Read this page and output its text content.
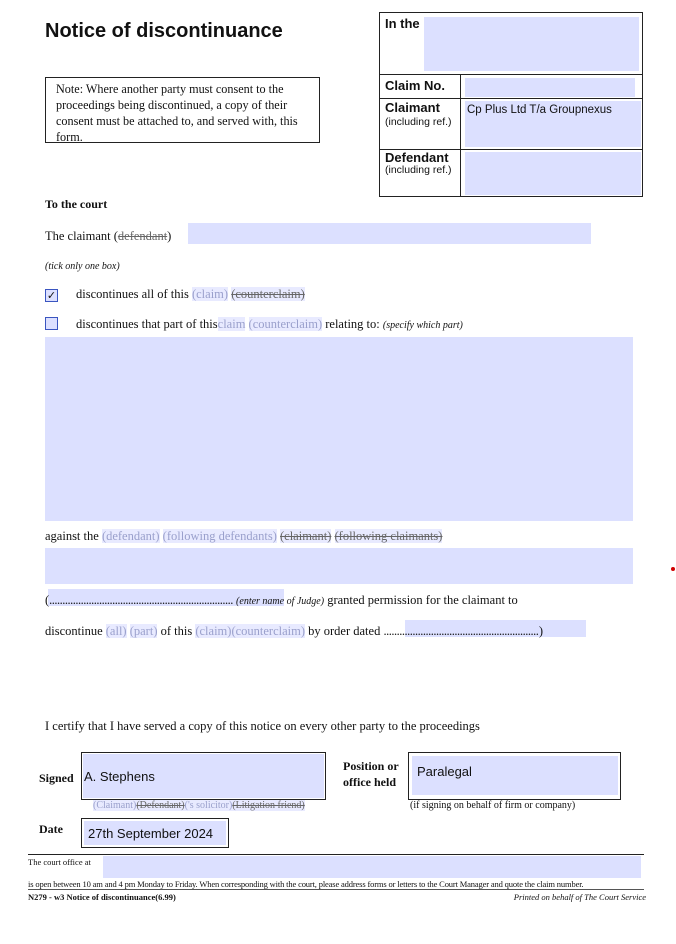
Notice of discontinuance
Note: Where another party must consent to the proceedings being discontinued, a copy of their consent must be attached to, and served with, this form.
In the
Claim No.
Claimant
(including ref.)
Cp Plus Ltd T/a Groupnexus
Defendant
(including ref.)
To the court
The claimant (defendant)
(tick only one box)
✓ discontinues all of this (claim) (counterclaim)
discontinues that part of thisclaim (counterclaim) relating to: (specify which part)
against the (defendant) (following defendants) (claimant) (following claimants)
(...................................................................... (enter name of Judge) granted permission for the claimant to
discontinue (all) (part) of this (claim)(counterclaim) by order dated ...........................................................)
I certify that I have served a copy of this notice on every other party to the proceedings
Signed A. Stephens
(Claimant)(Defendant)('s solicitor)(Litigation friend)
Position or
office held
Paralegal
(if signing on behalf of firm or company)
Date 27th September 2024
The court office at
is open between 10 am and 4 pm Monday to Friday. When corresponding with the court, please address forms or letters to the Court Manager and quote the claim number.
N279 - w3 Notice of discontinuance(6.99)	Printed on behalf of The Court Service
